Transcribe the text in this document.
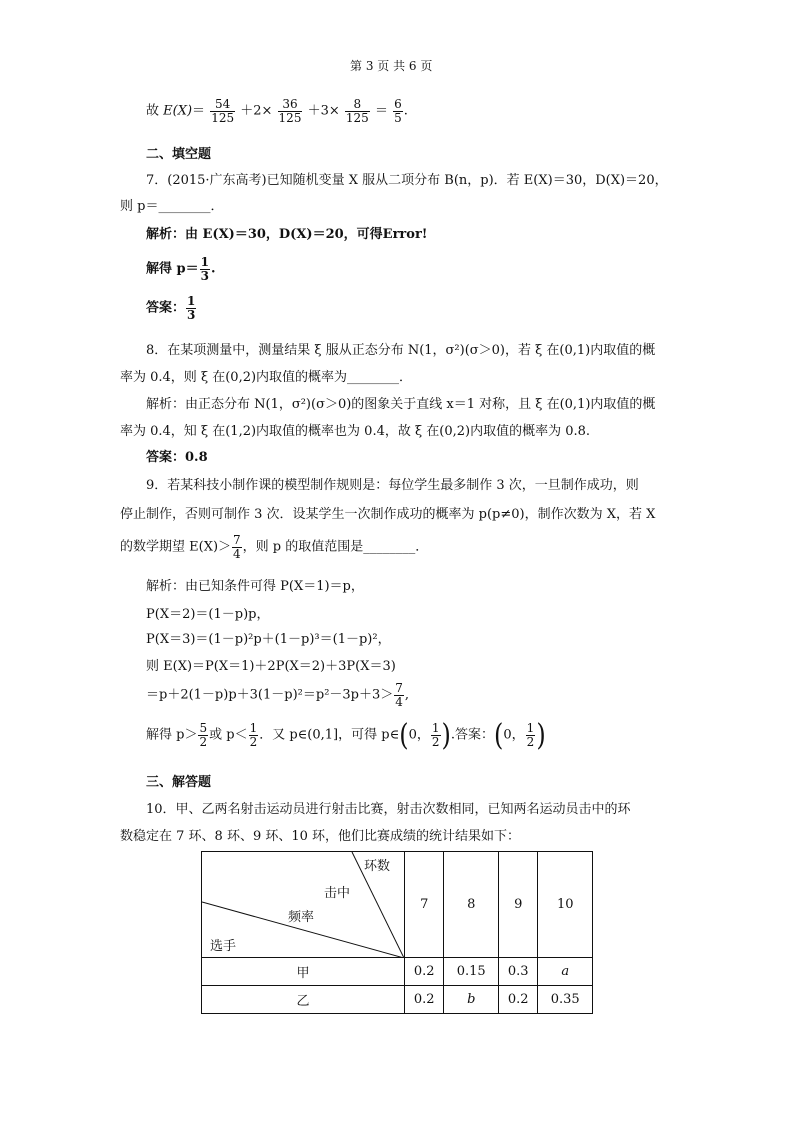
第 3 页 共 6 页
故 $E(X)= \frac{54}{125} +2\times \frac{36}{125} +3\times \frac{8}{125} = \frac{6}{5}$ .
二、填空题
7．(2015·广东高考)已知随机变量 X 服从二项分布 B(n，p)．若 E(X)＝30，D(X)＝20，
则 p＝________．
解析：由 E(X)＝30，D(X)＝20，可得Error!
解得 $p= \frac{1}{3}$ .
答案： $\frac{1}{3}$
8．在某项测量中，测量结果 ξ 服从正态分布 N(1，σ²)(σ＞0)，若 ξ 在(0,1)内取值的概
率为 0.4，则 ξ 在(0,2)内取值的概率为________．
解析：由正态分布 N(1，σ²)(σ＞0)的图象关于直线 x＝1 对称，且 ξ 在(0,1)内取值的概
率为 0.4，知 ξ 在(1,2)内取值的概率也为 0.4，故 ξ 在(0,2)内取值的概率为 0.8.
答案：0.8
9．若某科技小制作课的模型制作规则是：每位学生最多制作 3 次，一旦制作成功，则
停止制作，否则可制作 3 次．设某学生一次制作成功的概率为 p(p≠0)，制作次数为 X，若 X
的数学期望 $E(X)> \frac{7}{4}$ ，则 p 的取值范围是________．
解析：由已知条件可得 P(X＝1)＝p，
P(X＝2)＝(1－p)p，
P(X＝3)＝(1－p)²p＋(1－p)³＝(1－p)²，
则 E(X)＝P(X＝1)＋2P(X＝2)＋3P(X＝3)
$=p+2(1-p)p+3(1-p)^2=p^2-3p+3> \frac{7}{4}$ ,
解得 $p> \frac{5}{2}$ 或 $p< \frac{1}{2}$ ．又 p∈(0,1]，可得 p∈(0， $\frac{1}{2}$ ).答案：(0， $\frac{1}{2}$ )
三、解答题
10．甲、乙两名射击运动员进行射击比赛，射击次数相同，已知两名运动员击中的环
数稳定在 7 环、8 环、9 环、10 环，他们比赛成绩的统计结果如下：
环数
击中
频率
选手	7	8	9	10
甲	0.2	0.15	0.3	a
乙	0.2	b	0.2	0.35
